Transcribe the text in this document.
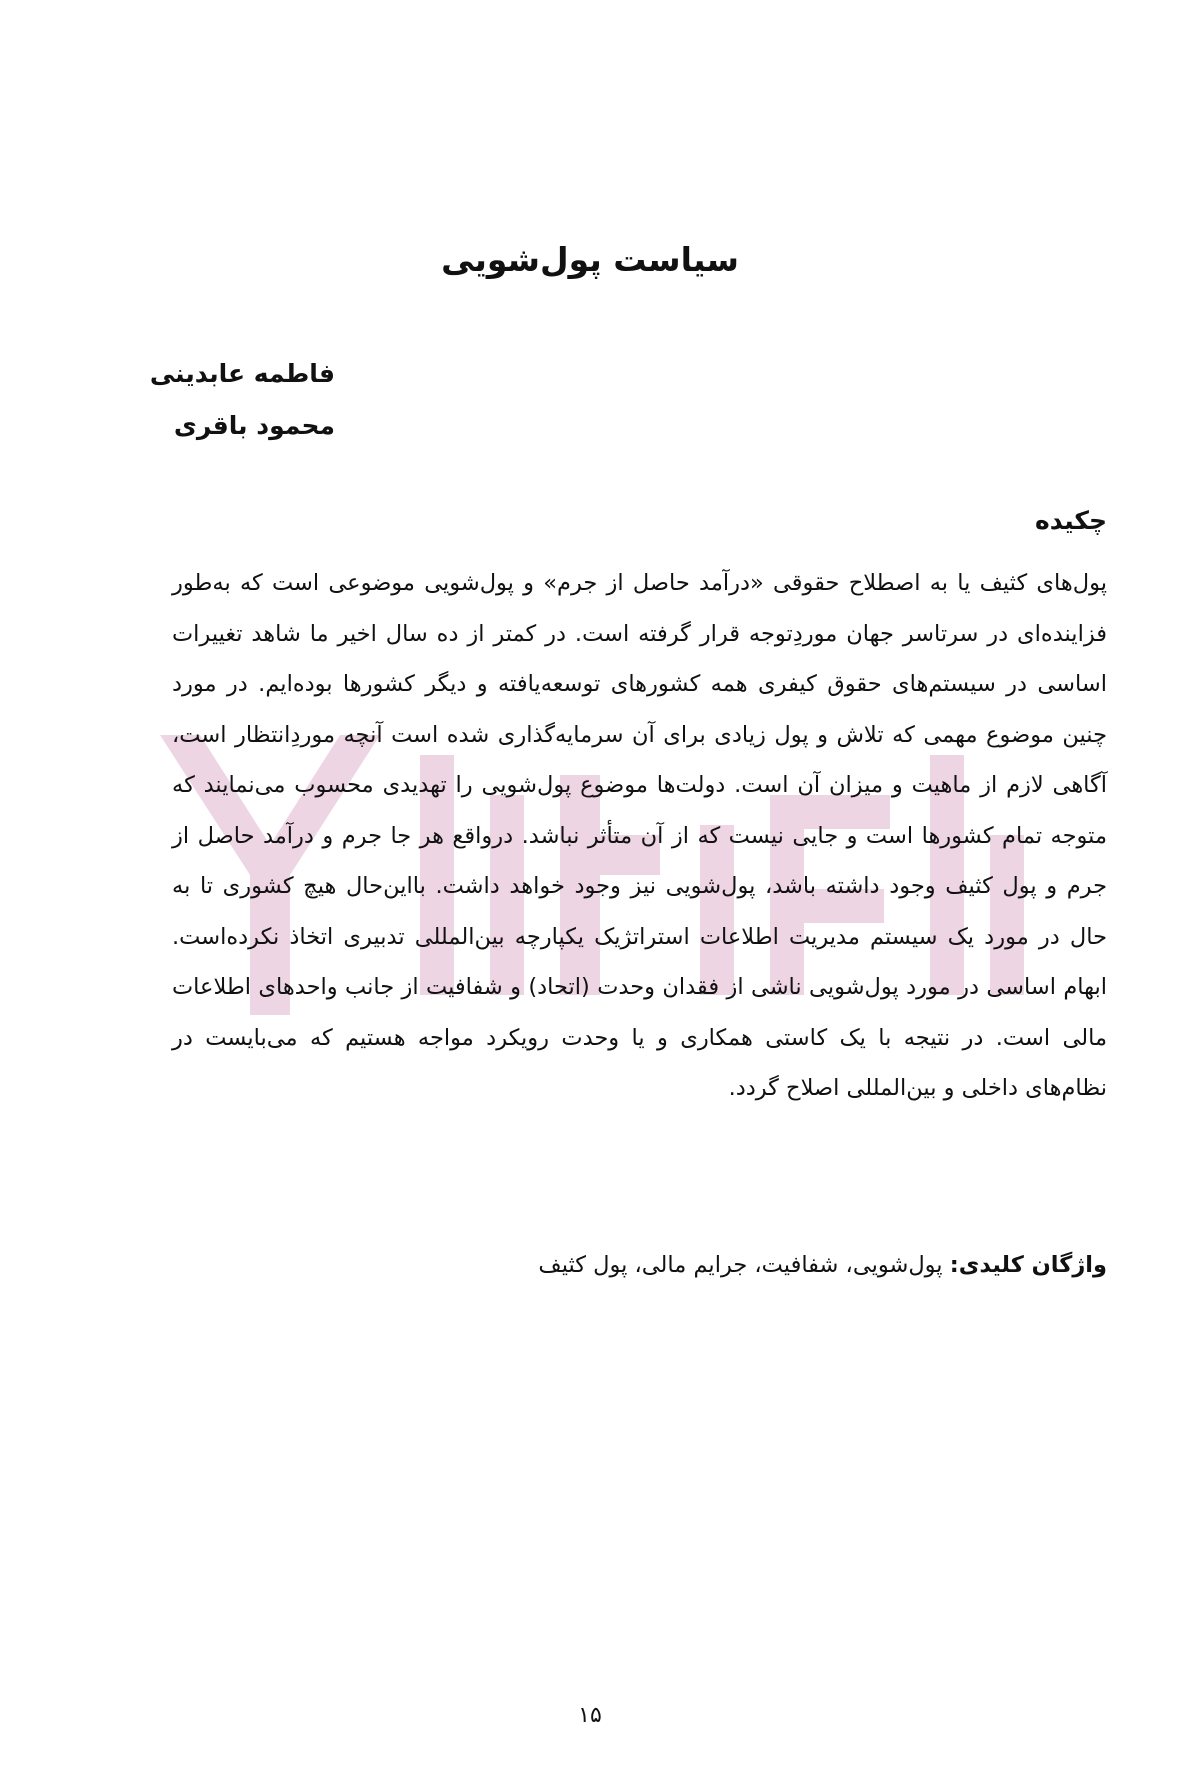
سیاست پول‌شویی
فاطمه عابدینی
محمود باقری
چکیده

پول‌های کثیف یا به اصطلاح حقوقی «درآمد حاصل از جرم» و پول‌شویی موضوعی است که به‌طور فزاینده‌ای در سرتاسر جهان موردِتوجه قرار گرفته است. در کمتر از ده سال اخیر ما شاهد تغییرات اساسی در سیستم‌های حقوق کیفری همه کشورهای توسعه‌یافته و دیگر کشورها بوده‌ایم. در مورد چنین موضوع مهمی که تلاش و پول زیادی برای آن سرمایه‌گذاری شده است آنچه موردِانتظار است، آگاهی لازم از ماهیت و میزان آن است. دولت‌ها موضوع پول‌شویی را تهدیدی محسوب می‌نمایند که متوجه تمام کشورها است و جایی نیست که از آن متأثر نباشد. درواقع هر جا جرم و درآمد حاصل از جرم و پول کثیف وجود داشته باشد، پول‌شویی نیز وجود خواهد داشت. بااین‌حال هیچ کشوری تا به حال در مورد یک سیستم مدیریت اطلاعات استراتژیک یکپارچه بین‌المللی تدبیری اتخاذ نکرده‌است. ابهام اساسی در مورد پول‌شویی ناشی از فقدان وحدت (اتحاد) و شفافیت از جانب واحدهای اطلاعات مالی است. در نتیجه با یک کاستی همکاری و یا وحدت رویکرد مواجه هستیم که می‌بایست در نظام‌های داخلی و بین‌المللی اصلاح گردد.

واژگان کلیدی: پول‌شویی، شفافیت، جرایم مالی، پول کثیف
۱۵
